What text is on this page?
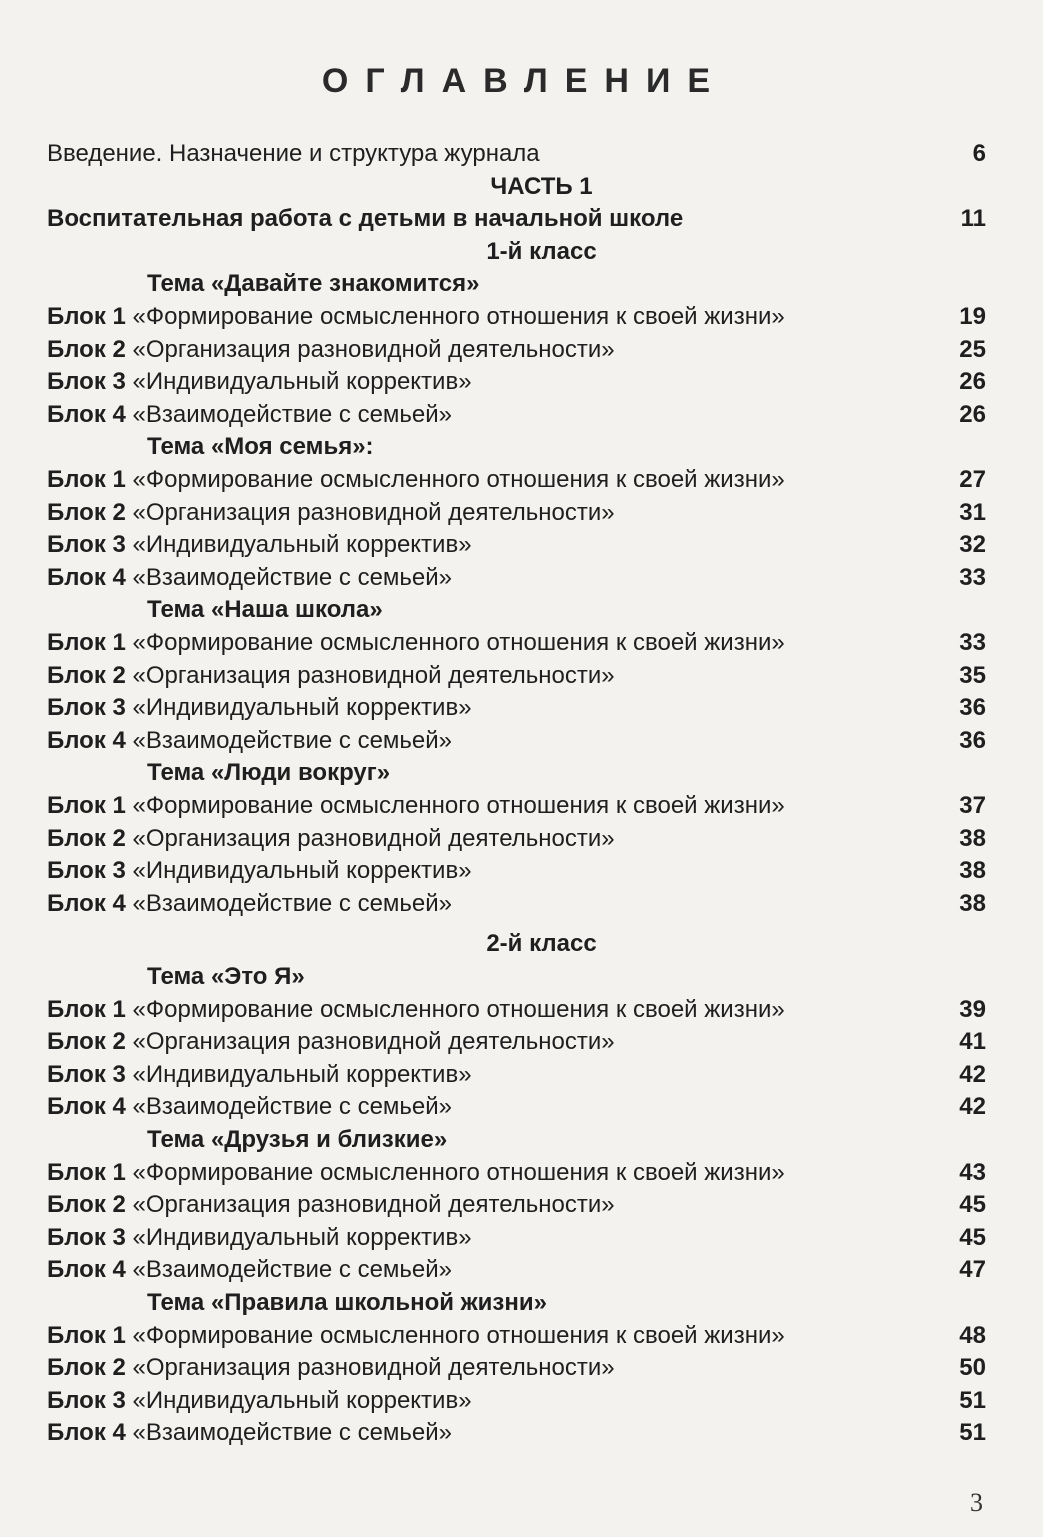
ОГЛАВЛЕНИЕ
Введение. Назначение и структура журнала	6
ЧАСТЬ 1
Воспитательная работа с детьми в начальной школе	11
1-й класс
Тема «Давайте знакомится»
Блок 1 «Формирование осмысленного отношения к своей жизни»	19
Блок 2 «Организация разновидной деятельности»	25
Блок 3 «Индивидуальный корректив»	26
Блок 4 «Взаимодействие с семьей»	26
Тема «Моя семья»:
Блок 1 «Формирование осмысленного отношения к своей жизни»	27
Блок 2 «Организация разновидной деятельности»	31
Блок 3 «Индивидуальный корректив»	32
Блок 4 «Взаимодействие с семьей»	33
Тема «Наша школа»
Блок 1 «Формирование осмысленного отношения к своей жизни»	33
Блок 2 «Организация разновидной деятельности»	35
Блок 3 «Индивидуальный корректив»	36
Блок 4 «Взаимодействие с семьей»	36
Тема «Люди вокруг»
Блок 1 «Формирование осмысленного отношения к своей жизни»	37
Блок 2 «Организация разновидной деятельности»	38
Блок 3 «Индивидуальный корректив»	38
Блок 4 «Взаимодействие с семьей»	38
2-й класс
Тема «Это Я»
Блок 1 «Формирование осмысленного отношения к своей жизни»	39
Блок 2 «Организация разновидной деятельности»	41
Блок 3 «Индивидуальный корректив»	42
Блок 4 «Взаимодействие с семьей»	42
Тема «Друзья и близкие»
Блок 1 «Формирование осмысленного отношения к своей жизни»	43
Блок 2 «Организация разновидной деятельности»	45
Блок 3 «Индивидуальный корректив»	45
Блок 4 «Взаимодействие с семьей»	47
Тема «Правила школьной жизни»
Блок 1 «Формирование осмысленного отношения к своей жизни»	48
Блок 2 «Организация разновидной деятельности»	50
Блок 3 «Индивидуальный корректив»	51
Блок 4 «Взаимодействие с семьей»	51
3
